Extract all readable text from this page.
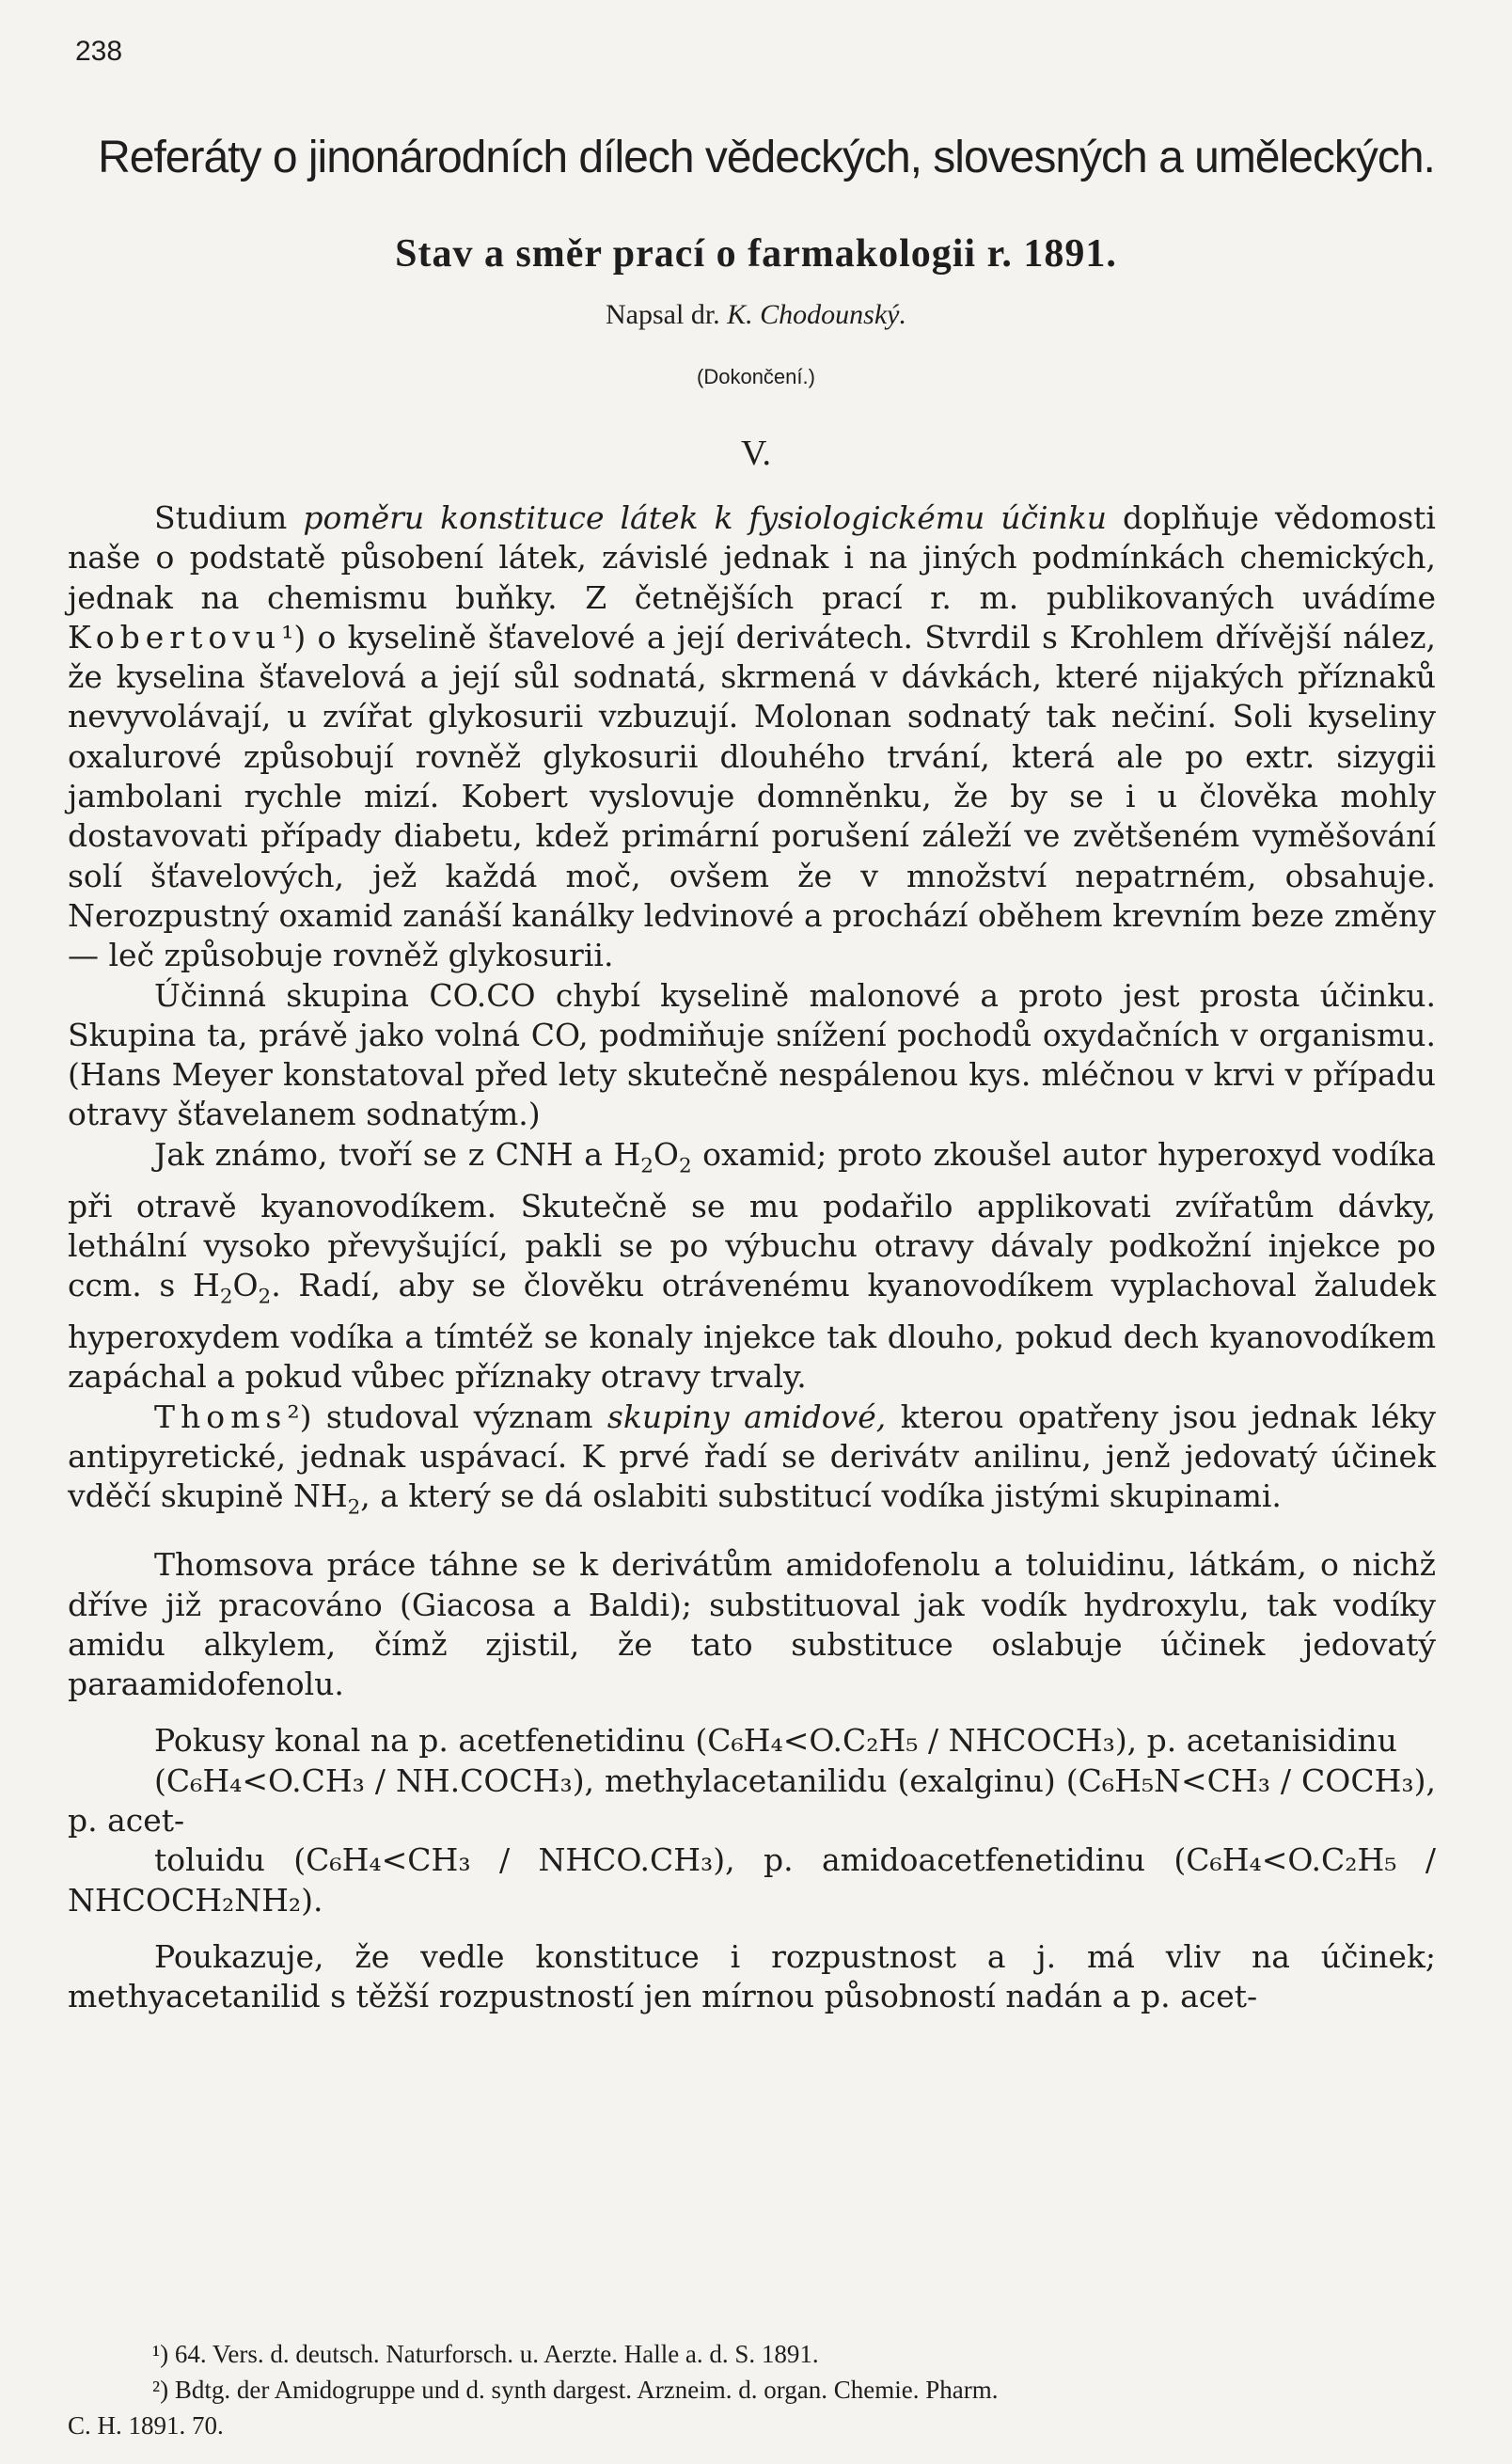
238
Referáty o jinonárodních dílech vědeckých, slovesných a uměleckých.
Stav a směr prací o farmakologii r. 1891.
Napsal dr. K. Chodounský.
(Dokončení.)
V.

Studium poměru konstituce látek k fysiologickému účinku doplňuje vědomosti naše o podstatě působení látek, závislé jednak i na jiných podmínkách chemických, jednak na chemismu buňky. Z četnějších prací r. m. publikovaných uvádíme Kobertovu¹) o kyselině šťavelové a její derivátech. Stvrdil s Krohlem dřívější nález, že kyselina šťavelová a její sůl sodnatá, skrmená v dávkách, které nijakých příznaků nevyvolávají, u zvířat glykosurii vzbuzují. Molonan sodnatý tak nečiní. Soli kyseliny oxalurové způsobují rovněž glykosurii dlouhého trvání, která ale po extr. sizygii jambolani rychle mizí. Kobert vyslovuje domněnku, že by se i u člověka mohly dostavovati případy diabetu, kdež primární porušení záleží ve zvětšeném vyměšování solí šťavelových, jež každá moč, ovšem že v množství nepatrném, obsahuje. Nerozpustný oxamid zanáší kanálky ledvinové a prochází oběhem krevním beze změny — leč způsobuje rovněž glykosurii.

Účinná skupina CO.CO chybí kyselině malonové a proto jest prosta účinku. Skupina ta, právě jako volná CO, podmiňuje snížení pochodů oxydačních v organismu. (Hans Meyer konstatoval před lety skutečně nespálenou kys. mléčnou v krvi v případu otravy šťavelanem sodnatým.)

Jak známo, tvoří se z CNH a $H_2O_2$ oxamid; proto zkoušel autor hyperoxyd vodíka při otravě kyanovodíkem. Skutečně se mu podařilo applikovati zvířatům dávky, lethální vysoko převyšující, pakli se po výbuchu otravy dávaly podkožní injekce po ccm. s $H_2O_2$. Radí, aby se člověku otrávenému kyanovodíkem vyplachoval žaludek hyperoxydem vodíka a tímtéž se konaly injekce tak dlouho, pokud dech kyanovodíkem zapáchal a pokud vůbec příznaky otravy trvaly.

Thoms²) studoval význam skupiny amidové, kterou opatřeny jsou jednak léky antipyretické, jednak uspávací. K prvé řadí se derivátv anilinu, jenž jedovatý účinek vděčí skupině $NH_2$, a který se dá oslabiti substitucí vodíka jistými skupinami.

Thomsova práce táhne se k derivátům amidofenolu a toluidinu, látkám, o nichž dříve již pracováno (Giacosa a Baldi); substituoval jak vodík hydroxylu, tak vodíky amidu alkylem, čímž zjistil, že tato substituce oslabuje účinek jedovatý paraamidofenolu.

Pokusy konal na p. acetfenetidinu (C₆H₄<O.C₂H₅ / NHCOCH₃), p. acetanisidinu

(C₆H₄<O.CH₃ / NH.COCH₃), methylacetanilidu (exalginu) (C₆H₅N<CH₃ / COCH₃), p. acet-

toluidu (C₆H₄<CH₃ / NHCO.CH₃), p. amidoacetfenetidinu (C₆H₄<O.C₂H₅ / NHCOCH₂NH₂).

Poukazuje, že vedle konstituce i rozpustnost a j. má vliv na účinek; methyacetanilid s těžší rozpustností jen mírnou působností nadán a p. acet-

¹) 64. Vers. d. deutsch. Naturforsch. u. Aerzte. Halle a. d. S. 1891.

²) Bdtg. der Amidogruppe und d. synth dargest. Arzneim. d. organ. Chemie. Pharm.

C. H. 1891. 70.
